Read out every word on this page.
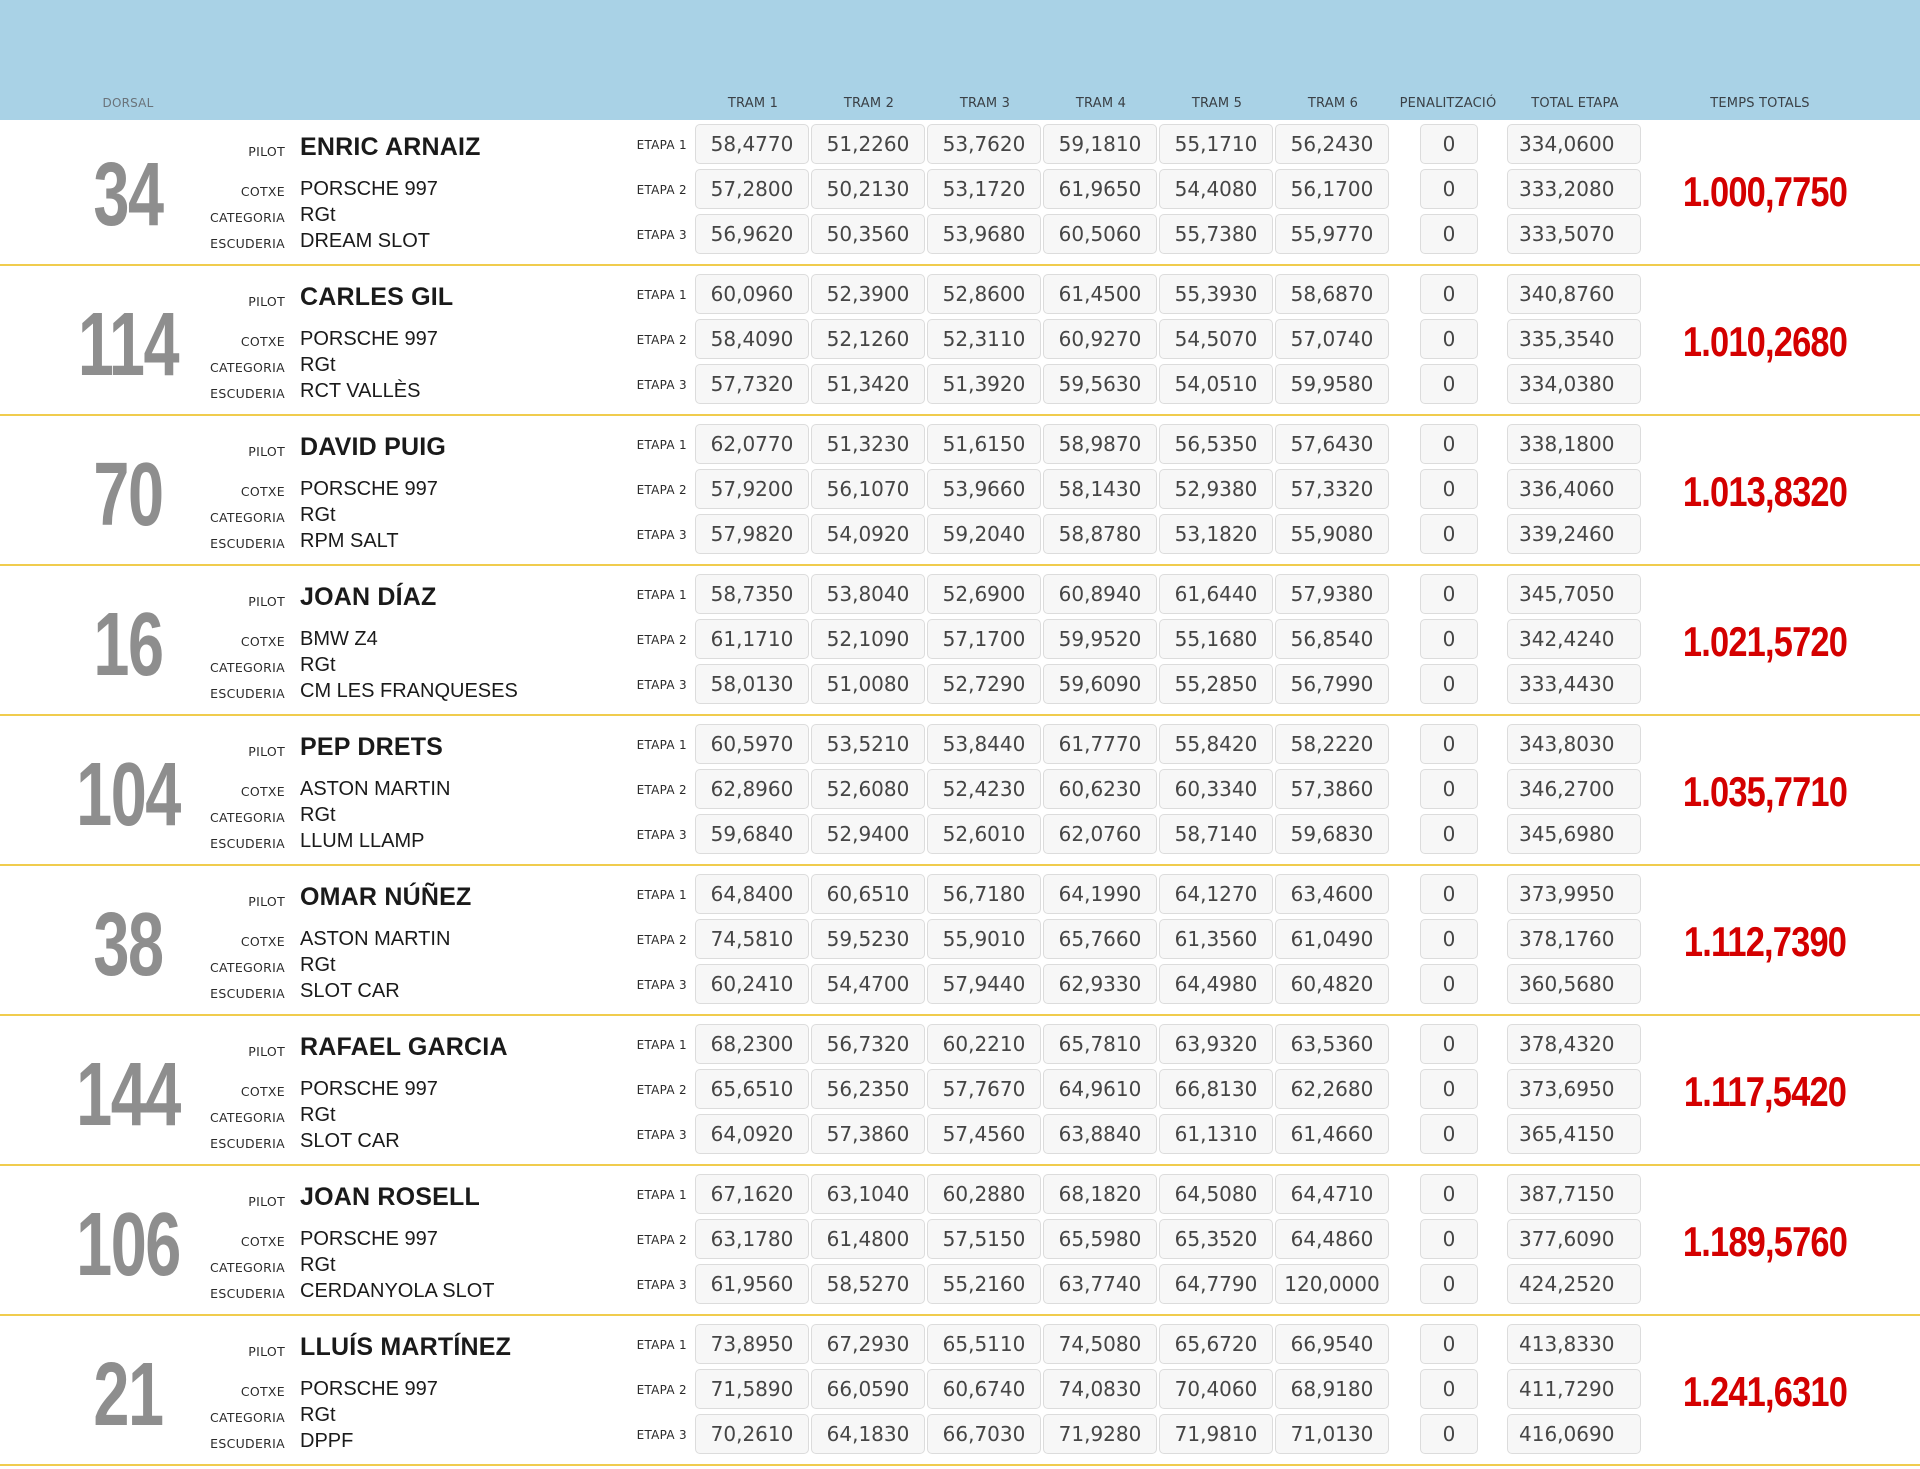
DORSAL	TRAM 1	TRAM 2	TRAM 3	TRAM 4	TRAM 5	TRAM 6	PENALITZACIÓ	TOTAL ETAPA	TEMPS TOTALS
34	PILOT ENRIC ARNAIZ
COTXE PORSCHE 997
CATEGORIA RGt
ESCUDERIA DREAM SLOT
ETAPA 1	58,4770	51,2260	53,7620	59,1810	55,1710	56,2430	0	334,0600
ETAPA 2	57,2800	50,2130	53,1720	61,9650	54,4080	56,1700	0	333,2080
ETAPA 3	56,9620	50,3560	53,9680	60,5060	55,7380	55,9770	0	333,5070
1.000,7750
114	PILOT CARLES GIL
COTXE PORSCHE 997
CATEGORIA RGt
ESCUDERIA RCT VALLÈS
ETAPA 1	60,0960	52,3900	52,8600	61,4500	55,3930	58,6870	0	340,8760
ETAPA 2	58,4090	52,1260	52,3110	60,9270	54,5070	57,0740	0	335,3540
ETAPA 3	57,7320	51,3420	51,3920	59,5630	54,0510	59,9580	0	334,0380
1.010,2680
70	PILOT DAVID PUIG
COTXE PORSCHE 997
CATEGORIA RGt
ESCUDERIA RPM SALT
ETAPA 1	62,0770	51,3230	51,6150	58,9870	56,5350	57,6430	0	338,1800
ETAPA 2	57,9200	56,1070	53,9660	58,1430	52,9380	57,3320	0	336,4060
ETAPA 3	57,9820	54,0920	59,2040	58,8780	53,1820	55,9080	0	339,2460
1.013,8320
16	PILOT JOAN DÍAZ
COTXE BMW Z4
CATEGORIA RGt
ESCUDERIA CM LES FRANQUESES
ETAPA 1	58,7350	53,8040	52,6900	60,8940	61,6440	57,9380	0	345,7050
ETAPA 2	61,1710	52,1090	57,1700	59,9520	55,1680	56,8540	0	342,4240
ETAPA 3	58,0130	51,0080	52,7290	59,6090	55,2850	56,7990	0	333,4430
1.021,5720
104	PILOT PEP DRETS
COTXE ASTON MARTIN
CATEGORIA RGt
ESCUDERIA LLUM LLAMP
ETAPA 1	60,5970	53,5210	53,8440	61,7770	55,8420	58,2220	0	343,8030
ETAPA 2	62,8960	52,6080	52,4230	60,6230	60,3340	57,3860	0	346,2700
ETAPA 3	59,6840	52,9400	52,6010	62,0760	58,7140	59,6830	0	345,6980
1.035,7710
38	PILOT OMAR NÚÑEZ
COTXE ASTON MARTIN
CATEGORIA RGt
ESCUDERIA SLOT CAR
ETAPA 1	64,8400	60,6510	56,7180	64,1990	64,1270	63,4600	0	373,9950
ETAPA 2	74,5810	59,5230	55,9010	65,7660	61,3560	61,0490	0	378,1760
ETAPA 3	60,2410	54,4700	57,9440	62,9330	64,4980	60,4820	0	360,5680
1.112,7390
144	PILOT RAFAEL GARCIA
COTXE PORSCHE 997
CATEGORIA RGt
ESCUDERIA SLOT CAR
ETAPA 1	68,2300	56,7320	60,2210	65,7810	63,9320	63,5360	0	378,4320
ETAPA 2	65,6510	56,2350	57,7670	64,9610	66,8130	62,2680	0	373,6950
ETAPA 3	64,0920	57,3860	57,4560	63,8840	61,1310	61,4660	0	365,4150
1.117,5420
106	PILOT JOAN ROSELL
COTXE PORSCHE 997
CATEGORIA RGt
ESCUDERIA CERDANYOLA SLOT
ETAPA 1	67,1620	63,1040	60,2880	68,1820	64,5080	64,4710	0	387,7150
ETAPA 2	63,1780	61,4800	57,5150	65,5980	65,3520	64,4860	0	377,6090
ETAPA 3	61,9560	58,5270	55,2160	63,7740	64,7790	120,0000	0	424,2520
1.189,5760
21	PILOT LLUÍS MARTÍNEZ
COTXE PORSCHE 997
CATEGORIA RGt
ESCUDERIA DPPF
ETAPA 1	73,8950	67,2930	65,5110	74,5080	65,6720	66,9540	0	413,8330
ETAPA 2	71,5890	66,0590	60,6740	74,0830	70,4060	68,9180	0	411,7290
ETAPA 3	70,2610	64,1830	66,7030	71,9280	71,9810	71,0130	0	416,0690
1.241,6310
